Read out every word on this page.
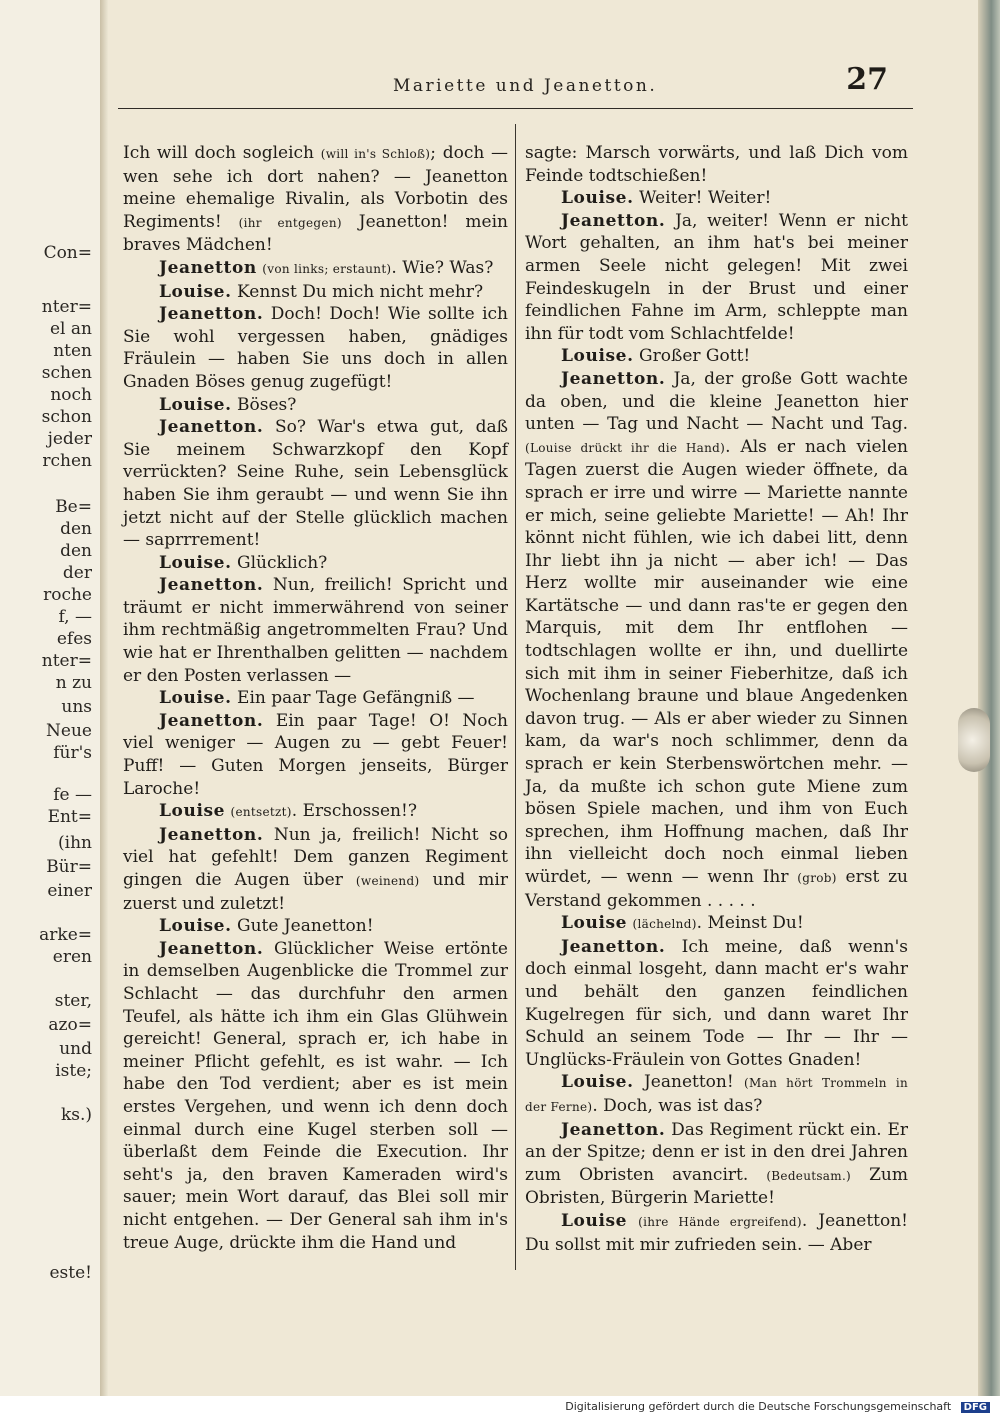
Con=
nter=
el an
nten
schen
noch
schon
jeder
rchen
Be=
den
den
der
roche
f, —
efes
nter=
n zu
uns
Neue
für's
fe —
Ent=
(ihn
Bür=
einer
arke=
eren
ster,
azo=
und
iste;
ks.)
este!
Mariette und Jeanetton.	27

Ich will doch sogleich (will in's Schloß); doch — wen sehe ich dort nahen? — Jeanetton meine ehemalige Rivalin, als Vorbotin des Regiments! (ihr entgegen) Jeanetton! mein braves Mädchen!

Jeanetton (von links; erstaunt). Wie? Was?

Louise. Kennst Du mich nicht mehr?

Jeanetton. Doch! Doch! Wie sollte ich Sie wohl vergessen haben, gnädiges Fräulein — haben Sie uns doch in allen Gnaden Böses genug zugefügt!

Louise. Böses?

Jeanetton. So? War's etwa gut, daß Sie meinem Schwarzkopf den Kopf verrückten? Seine Ruhe, sein Lebensglück haben Sie ihm geraubt — und wenn Sie ihn jetzt nicht auf der Stelle glücklich machen — saprrrement!

Louise. Glücklich?

Jeanetton. Nun, freilich! Spricht und träumt er nicht immerwährend von seiner ihm rechtmäßig angetrommelten Frau? Und wie hat er Ihrenthalben gelitten — nachdem er den Posten verlassen —

Louise. Ein paar Tage Gefängniß —

Jeanetton. Ein paar Tage! O! Noch viel weniger — Augen zu — gebt Feuer! Puff! — Guten Morgen jenseits, Bürger Laroche!

Louise (entsetzt). Erschossen!?

Jeanetton. Nun ja, freilich! Nicht so viel hat gefehlt! Dem ganzen Regiment gingen die Augen über (weinend) und mir zuerst und zuletzt!

Louise. Gute Jeanetton!

Jeanetton. Glücklicher Weise ertönte in demselben Augenblicke die Trommel zur Schlacht — das durchfuhr den armen Teufel, als hätte ich ihm ein Glas Glühwein gereicht! General, sprach er, ich habe in meiner Pflicht gefehlt, es ist wahr. — Ich habe den Tod verdient; aber es ist mein erstes Vergehen, und wenn ich denn doch einmal durch eine Kugel sterben soll — überlaßt dem Feinde die Execution. Ihr seht's ja, den braven Kameraden wird's sauer; mein Wort darauf, das Blei soll mir nicht entgehen. — Der General sah ihm in's treue Auge, drückte ihm die Hand und

sagte: Marsch vorwärts, und laß Dich vom Feinde todtschießen!

Louise. Weiter! Weiter!

Jeanetton. Ja, weiter! Wenn er nicht Wort gehalten, an ihm hat's bei meiner armen Seele nicht gelegen! Mit zwei Feindeskugeln in der Brust und einer feindlichen Fahne im Arm, schleppte man ihn für todt vom Schlachtfelde!

Louise. Großer Gott!

Jeanetton. Ja, der große Gott wachte da oben, und die kleine Jeanetton hier unten — Tag und Nacht — Nacht und Tag. (Louise drückt ihr die Hand). Als er nach vielen Tagen zuerst die Augen wieder öffnete, da sprach er irre und wirre — Mariette nannte er mich, seine geliebte Mariette! — Ah! Ihr könnt nicht fühlen, wie ich dabei litt, denn Ihr liebt ihn ja nicht — aber ich! — Das Herz wollte mir auseinander wie eine Kartätsche — und dann ras'te er gegen den Marquis, mit dem Ihr entflohen — todtschlagen wollte er ihn, und duellirte sich mit ihm in seiner Fieberhitze, daß ich Wochenlang braune und blaue Angedenken davon trug. — Als er aber wieder zu Sinnen kam, da war's noch schlimmer, denn da sprach er kein Sterbenswörtchen mehr. — Ja, da mußte ich schon gute Miene zum bösen Spiele machen, und ihm von Euch sprechen, ihm Hoffnung machen, daß Ihr ihn vielleicht doch noch einmal lieben würdet, — wenn — wenn Ihr (grob) erst zu Verstand gekommen . . . . .

Louise (lächelnd). Meinst Du!

Jeanetton. Ich meine, daß wenn's doch einmal losgeht, dann macht er's wahr und behält den ganzen feindlichen Kugelregen für sich, und dann waret Ihr Schuld an seinem Tode — Ihr — Ihr — Unglücks-Fräulein von Gottes Gnaden!

Louise. Jeanetton! (Man hört Trommeln in der Ferne). Doch, was ist das?

Jeanetton. Das Regiment rückt ein. Er an der Spitze; denn er ist in den drei Jahren zum Obristen avancirt. (Bedeutsam.) Zum Obristen, Bürgerin Mariette!

Louise (ihre Hände ergreifend). Jeanetton! Du sollst mit mir zufrieden sein. — Aber

Digitalisierung gefördert durch die Deutsche Forschungsgemeinschaft DFG
